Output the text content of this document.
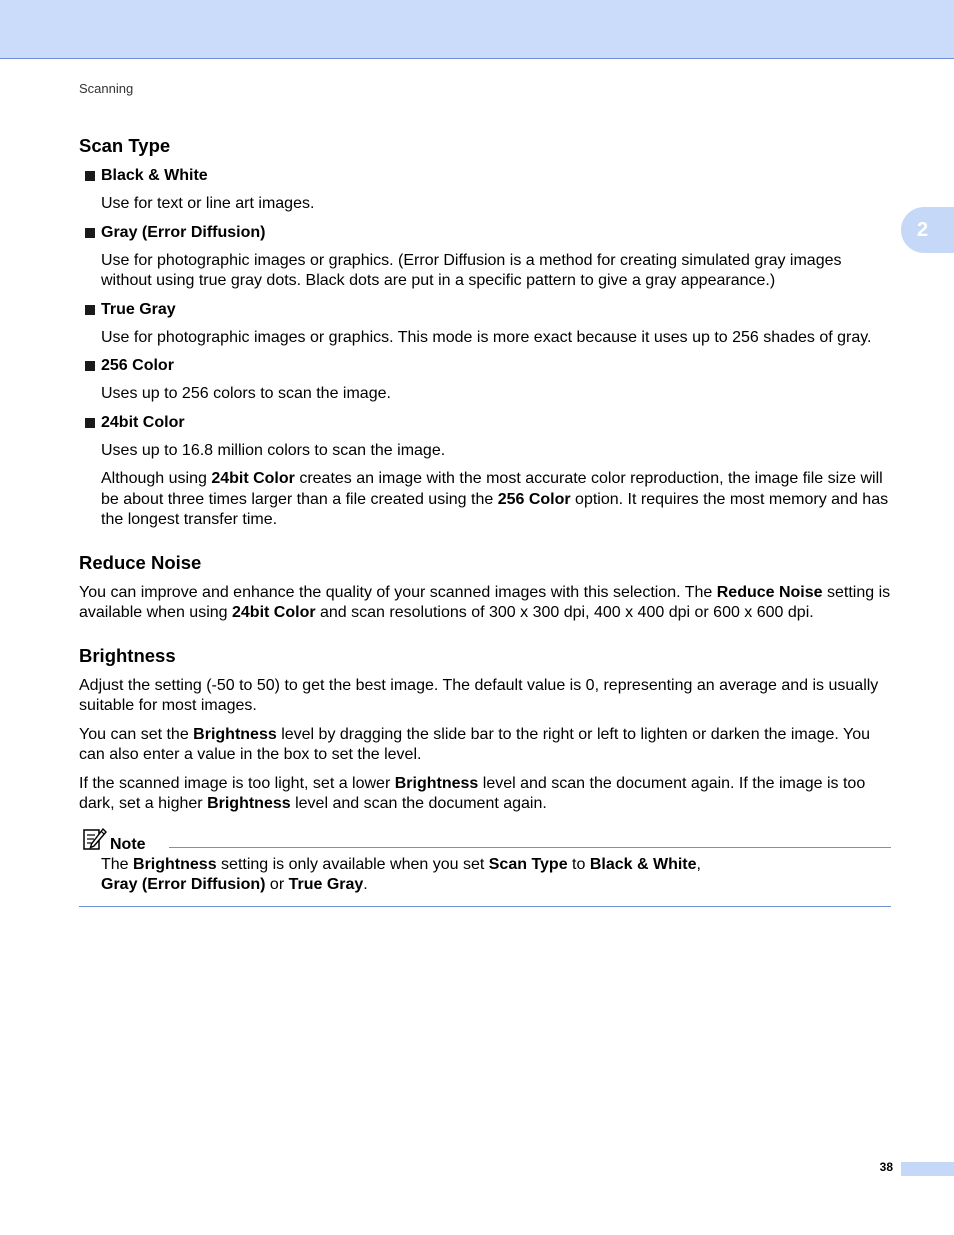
Scanning
2
Scan Type
Black & White
Use for text or line art images.
Gray (Error Diffusion)
Use for photographic images or graphics. (Error Diffusion is a method for creating simulated gray images without using true gray dots. Black dots are put in a specific pattern to give a gray appearance.)
True Gray
Use for photographic images or graphics. This mode is more exact because it uses up to 256 shades of gray.
256 Color
Uses up to 256 colors to scan the image.
24bit Color
Uses up to 16.8 million colors to scan the image.
Although using 24bit Color creates an image with the most accurate color reproduction, the image file size will be about three times larger than a file created using the 256 Color option. It requires the most memory and has the longest transfer time.
Reduce Noise

You can improve and enhance the quality of your scanned images with this selection. The Reduce Noise setting is available when using 24bit Color and scan resolutions of 300 x 300 dpi, 400 x 400 dpi or 600 x 600 dpi.

Brightness

Adjust the setting (-50 to 50) to get the best image. The default value is 0, representing an average and is usually suitable for most images.

You can set the Brightness level by dragging the slide bar to the right or left to lighten or darken the image. You can also enter a value in the box to set the level.

If the scanned image is too light, set a lower Brightness level and scan the document again. If the image is too dark, set a higher Brightness level and scan the document again.

Note
The Brightness setting is only available when you set Scan Type to Black & White,
Gray (Error Diffusion) or True Gray.
38
